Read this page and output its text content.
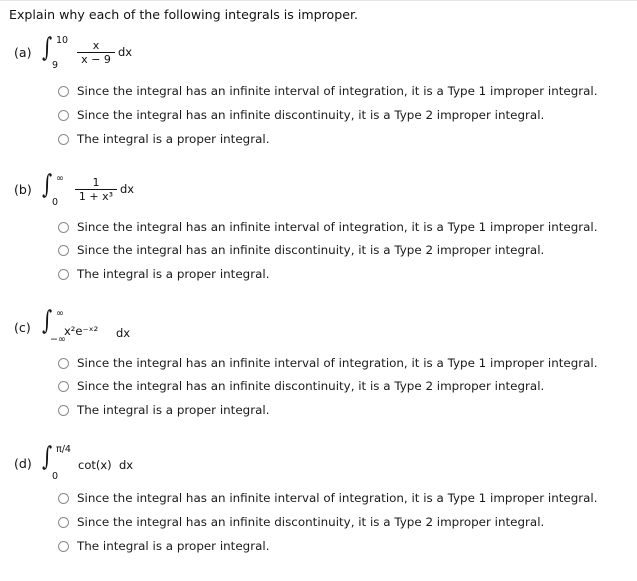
Explain why each of the following integrals is improper.
(a) ∫ 10
9
x
x − 9
dx
Since the integral has an infinite interval of integration, it is a Type 1 improper integral.
Since the integral has an infinite discontinuity, it is a Type 2 improper integral.
The integral is a proper integral.
(b) ∫ ∞
0
1
1 + x³
dx
Since the integral has an infinite interval of integration, it is a Type 1 improper integral.
Since the integral has an infinite discontinuity, it is a Type 2 improper integral.
The integral is a proper integral.
(c) ∫ ∞
−∞
x²e⁻ˣ² dx
Since the integral has an infinite interval of integration, it is a Type 1 improper integral.
Since the integral has an infinite discontinuity, it is a Type 2 improper integral.
The integral is a proper integral.
(d) ∫ π/4
0
cot(x) dx
Since the integral has an infinite interval of integration, it is a Type 1 improper integral.
Since the integral has an infinite discontinuity, it is a Type 2 improper integral.
The integral is a proper integral.
